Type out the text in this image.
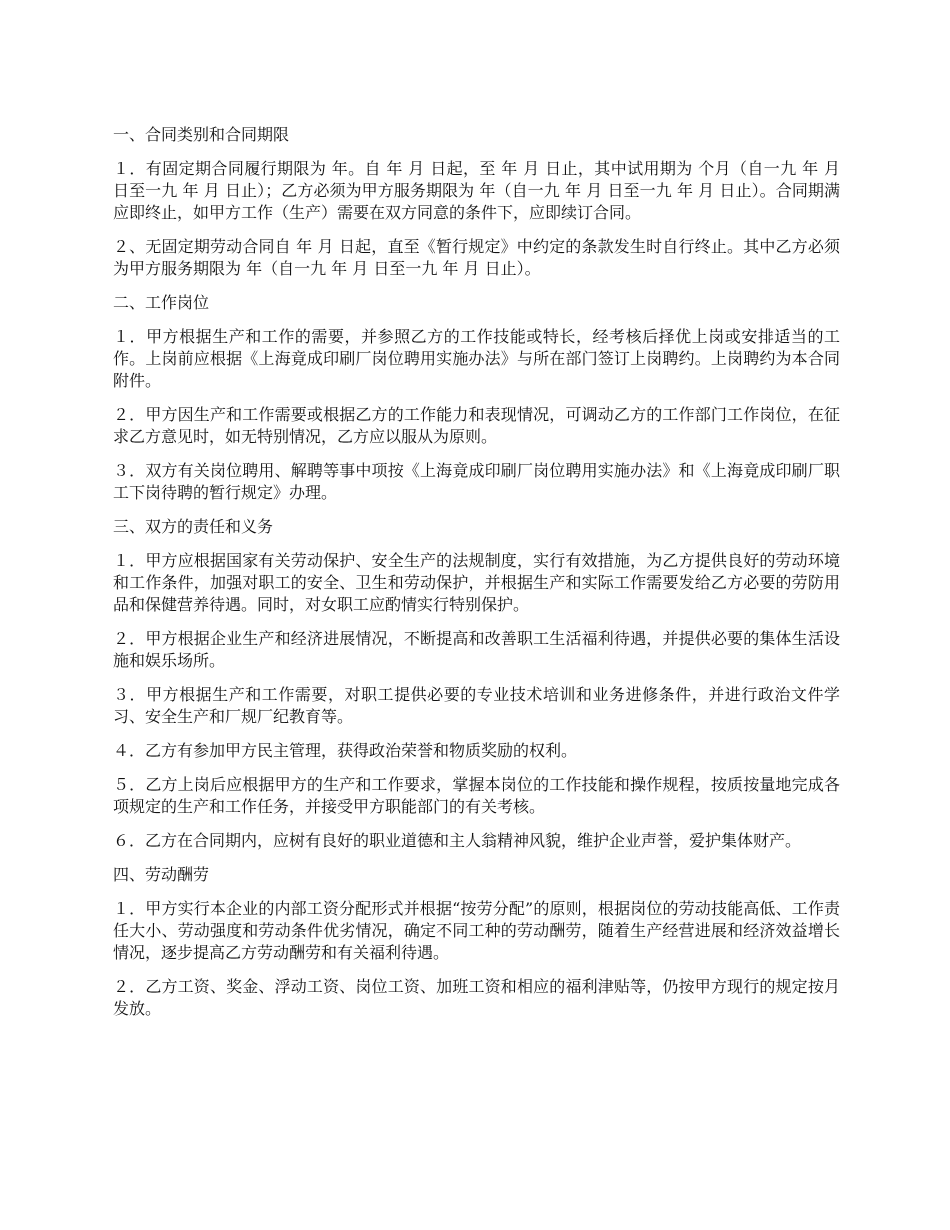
一、合同类别和合同期限
１．有固定期合同履行期限为 年。自 年 月 日起，至 年 月 日止，其中试用期为 个月（自一九 年 月 日至一九 年 月 日止）；乙方必须为甲方服务期限为 年（自一九 年 月 日至一九 年 月 日止）。合同期满应即终止，如甲方工作（生产）需要在双方同意的条件下，应即续订合同。
２、无固定期劳动合同自 年 月 日起，直至《暂行规定》中约定的条款发生时自行终止。其中乙方必须为甲方服务期限为 年（自一九 年 月 日至一九 年 月 日止）。
二、工作岗位
１．甲方根据生产和工作的需要，并参照乙方的工作技能或特长，经考核后择优上岗或安排适当的工作。上岗前应根据《上海竟成印刷厂岗位聘用实施办法》与所在部门签订上岗聘约。上岗聘约为本合同附件。
２．甲方因生产和工作需要或根据乙方的工作能力和表现情况，可调动乙方的工作部门工作岗位，在征求乙方意见时，如无特别情况，乙方应以服从为原则。
３．双方有关岗位聘用、解聘等事中项按《上海竟成印刷厂岗位聘用实施办法》和《上海竟成印刷厂职工下岗待聘的暂行规定》办理。
三、双方的责任和义务
１．甲方应根据国家有关劳动保护、安全生产的法规制度，实行有效措施，为乙方提供良好的劳动环境和工作条件，加强对职工的安全、卫生和劳动保护，并根据生产和实际工作需要发给乙方必要的劳防用品和保健营养待遇。同时，对女职工应酌情实行特别保护。
２．甲方根据企业生产和经济进展情况，不断提高和改善职工生活福利待遇，并提供必要的集体生活设施和娱乐场所。
３．甲方根据生产和工作需要，对职工提供必要的专业技术培训和业务进修条件，并进行政治文件学习、安全生产和厂规厂纪教育等。
４．乙方有参加甲方民主管理，获得政治荣誉和物质奖励的权利。
５．乙方上岗后应根据甲方的生产和工作要求，掌握本岗位的工作技能和操作规程，按质按量地完成各项规定的生产和工作任务，并接受甲方职能部门的有关考核。
６．乙方在合同期内，应树有良好的职业道德和主人翁精神风貌，维护企业声誉，爱护集体财产。
四、劳动酬劳
１．甲方实行本企业的内部工资分配形式并根据“按劳分配”的原则，根据岗位的劳动技能高低、工作责任大小、劳动强度和劳动条件优劣情况，确定不同工种的劳动酬劳，随着生产经营进展和经济效益增长情况，逐步提高乙方劳动酬劳和有关福利待遇。
２．乙方工资、奖金、浮动工资、岗位工资、加班工资和相应的福利津贴等，仍按甲方现行的规定按月发放。
